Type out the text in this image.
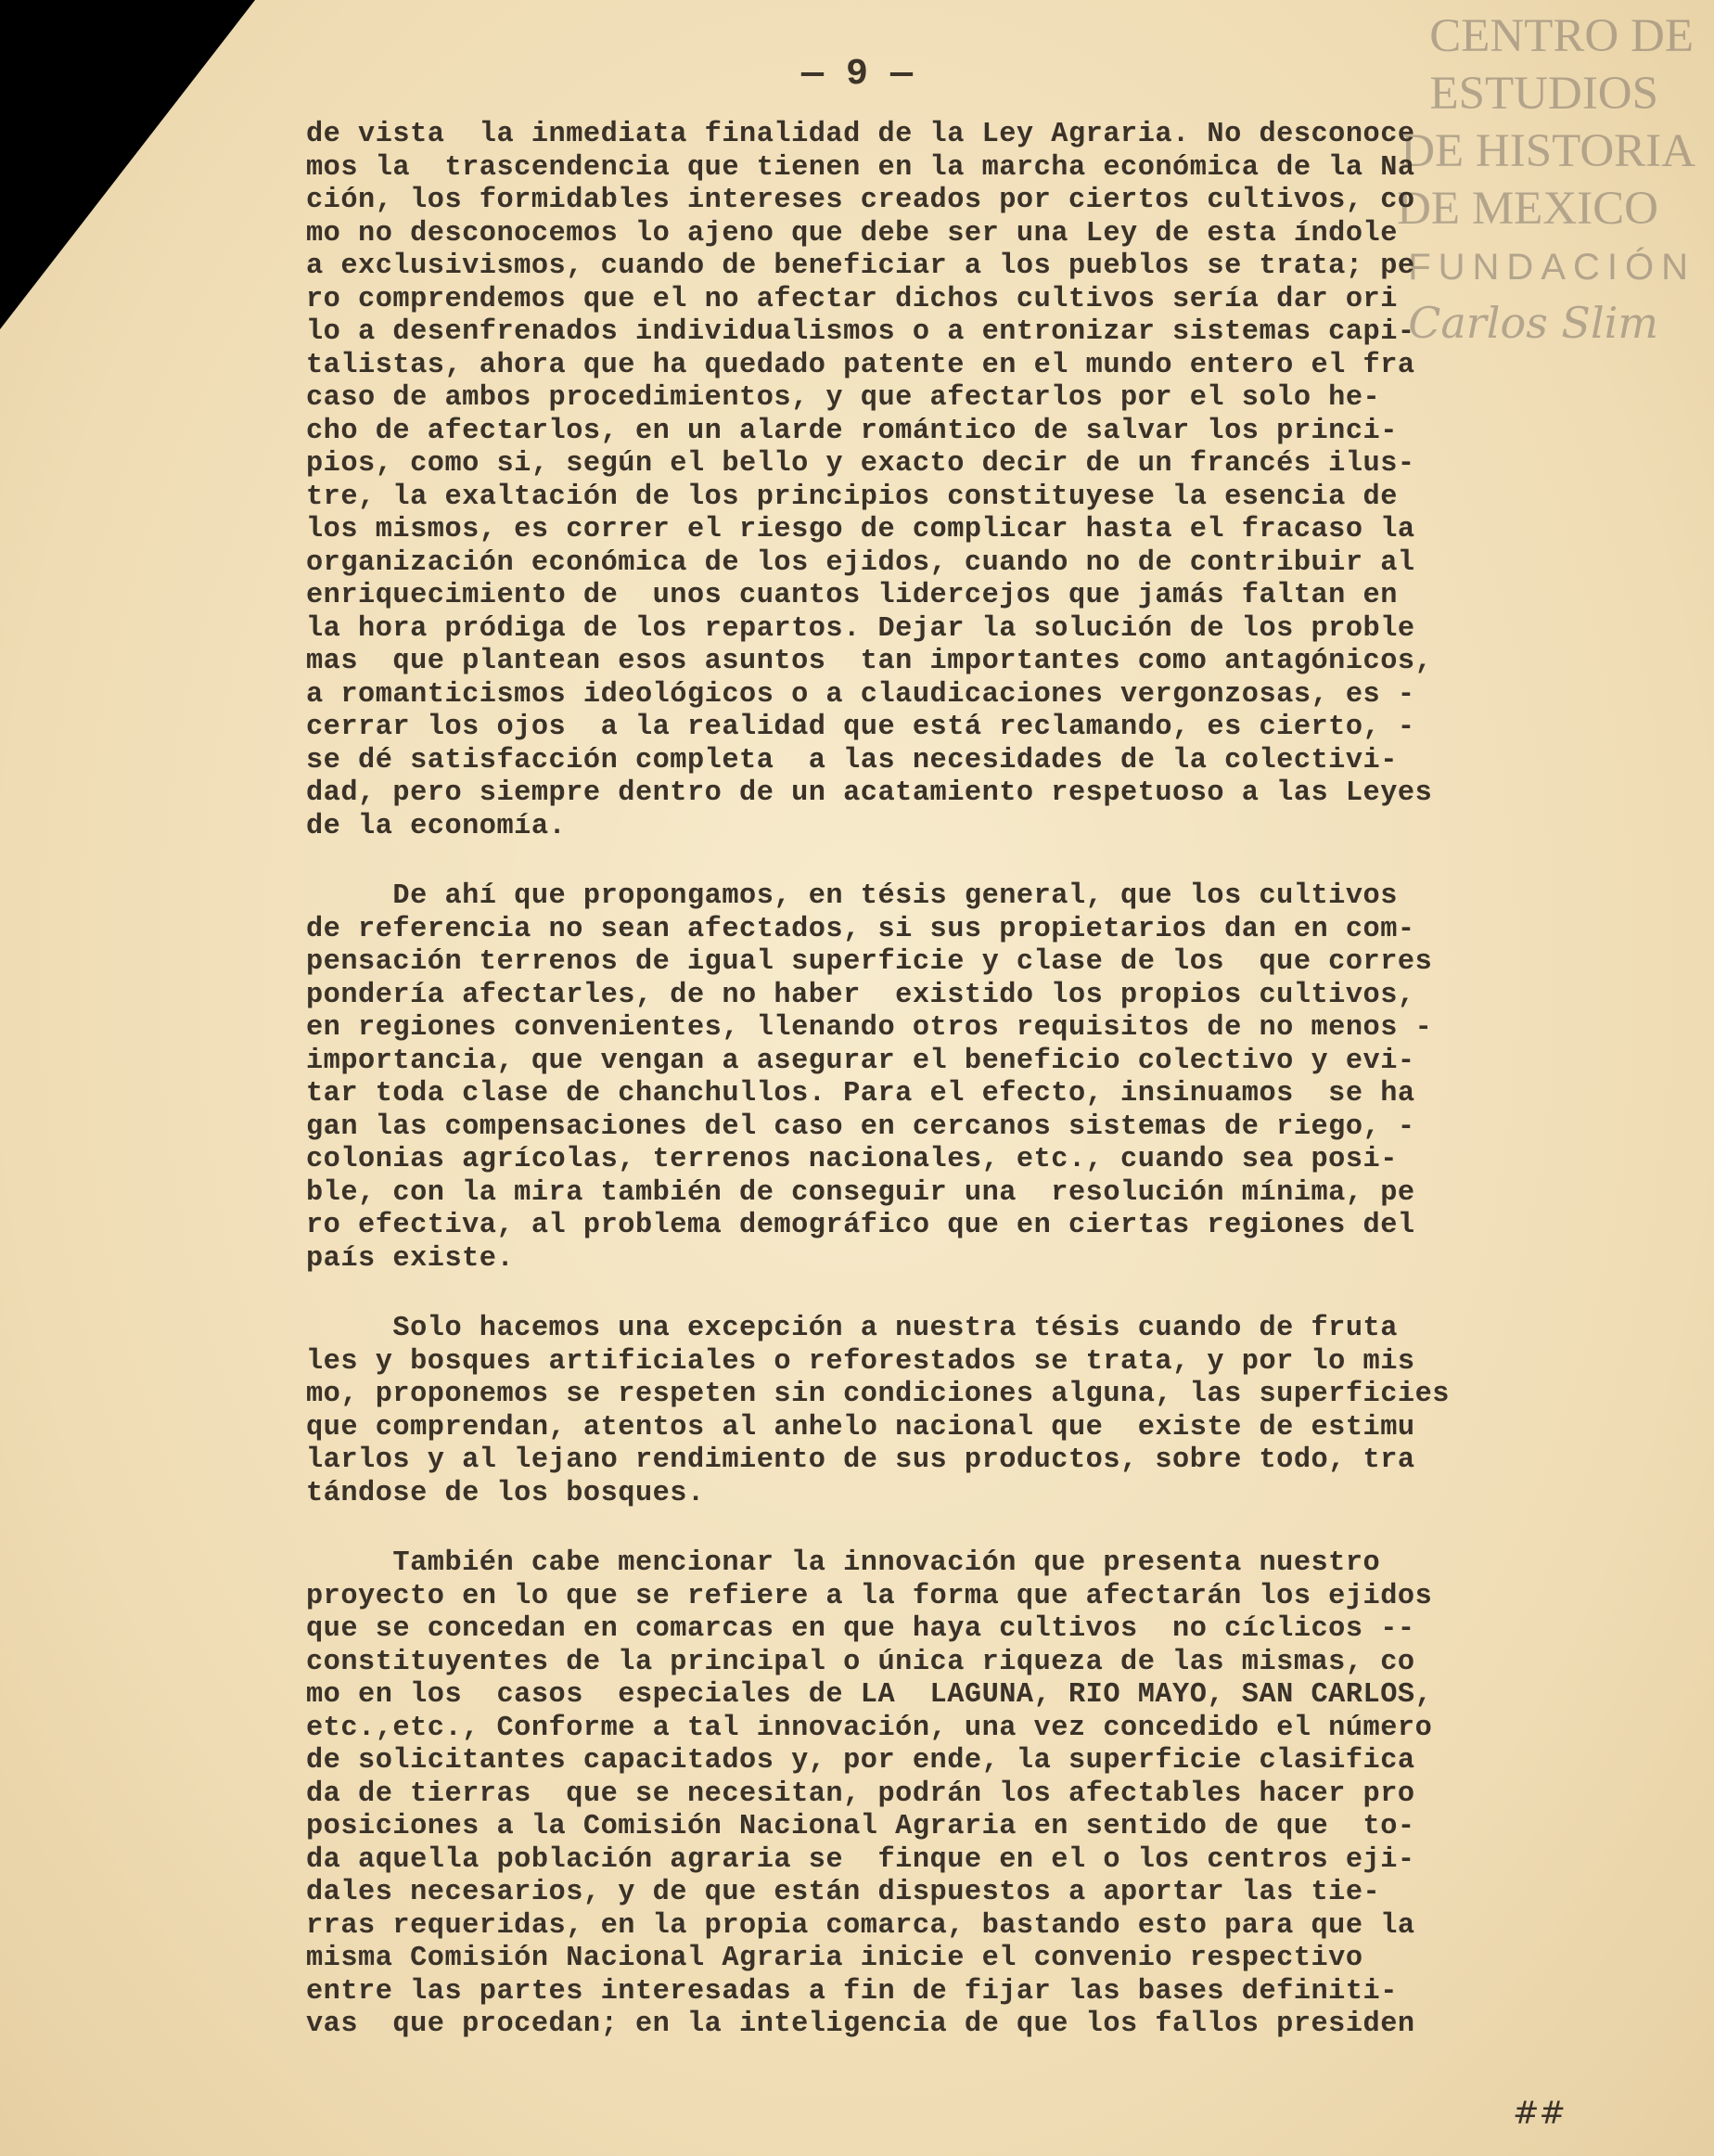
CENTRO DE
ESTUDIOS
DE HISTORIA
DE MEXICO
FUNDACIÓN
Carlos Slim
— 9 —
de vista  la inmediata finalidad de la Ley Agraria. No desconoce
mos la  trascendencia que tienen en la marcha económica de la Na
ción, los formidables intereses creados por ciertos cultivos, co
mo no desconocemos lo ajeno que debe ser una Ley de esta índole
a exclusivismos, cuando de beneficiar a los pueblos se trata; pe
ro comprendemos que el no afectar dichos cultivos sería dar ori
lo a desenfrenados individualismos o a entronizar sistemas capi-
talistas, ahora que ha quedado patente en el mundo entero el fra
caso de ambos procedimientos, y que afectarlos por el solo he-
cho de afectarlos, en un alarde romántico de salvar los princi-
pios, como si, según el bello y exacto decir de un francés ilus-
tre, la exaltación de los principios constituyese la esencia de
los mismos, es correr el riesgo de complicar hasta el fracaso la
organización económica de los ejidos, cuando no de contribuir al
enriquecimiento de  unos cuantos lidercejos que jamás faltan en
la hora pródiga de los repartos. Dejar la solución de los proble
mas  que plantean esos asuntos  tan importantes como antagónicos,
a romanticismos ideológicos o a claudicaciones vergonzosas, es -
cerrar los ojos  a la realidad que está reclamando, es cierto, -
se dé satisfacción completa  a las necesidades de la colectivi-
dad, pero siempre dentro de un acatamiento respetuoso a las Leyes
de la economía.
De ahí que propongamos, en tésis general, que los cultivos
de referencia no sean afectados, si sus propietarios dan en com-
pensación terrenos de igual superficie y clase de los  que corres
pondería afectarles, de no haber  existido los propios cultivos,
en regiones convenientes, llenando otros requisitos de no menos -
importancia, que vengan a asegurar el beneficio colectivo y evi-
tar toda clase de chanchullos. Para el efecto, insinuamos  se ha
gan las compensaciones del caso en cercanos sistemas de riego, -
colonias agrícolas, terrenos nacionales, etc., cuando sea posi-
ble, con la mira también de conseguir una  resolución mínima, pe
ro efectiva, al problema demográfico que en ciertas regiones del
país existe.
Solo hacemos una excepción a nuestra tésis cuando de fruta
les y bosques artificiales o reforestados se trata, y por lo mis
mo, proponemos se respeten sin condiciones alguna, las superficies
que comprendan, atentos al anhelo nacional que  existe de estimu
larlos y al lejano rendimiento de sus productos, sobre todo, tra
tándose de los bosques.
También cabe mencionar la innovación que presenta nuestro
proyecto en lo que se refiere a la forma que afectarán los ejidos
que se concedan en comarcas en que haya cultivos  no cíclicos --
constituyentes de la principal o única riqueza de las mismas, co
mo en los  casos  especiales de LA  LAGUNA, RIO MAYO, SAN CARLOS,
etc.,etc., Conforme a tal innovación, una vez concedido el número
de solicitantes capacitados y, por ende, la superficie clasifica
da de tierras  que se necesitan, podrán los afectables hacer pro
posiciones a la Comisión Nacional Agraria en sentido de que  to-
da aquella población agraria se  finque en el o los centros eji-
dales necesarios, y de que están dispuestos a aportar las tie-
rras requeridas, en la propia comarca, bastando esto para que la
misma Comisión Nacional Agraria inicie el convenio respectivo
entre las partes interesadas a fin de fijar las bases definiti-
vas  que procedan; en la inteligencia de que los fallos presiden
##
